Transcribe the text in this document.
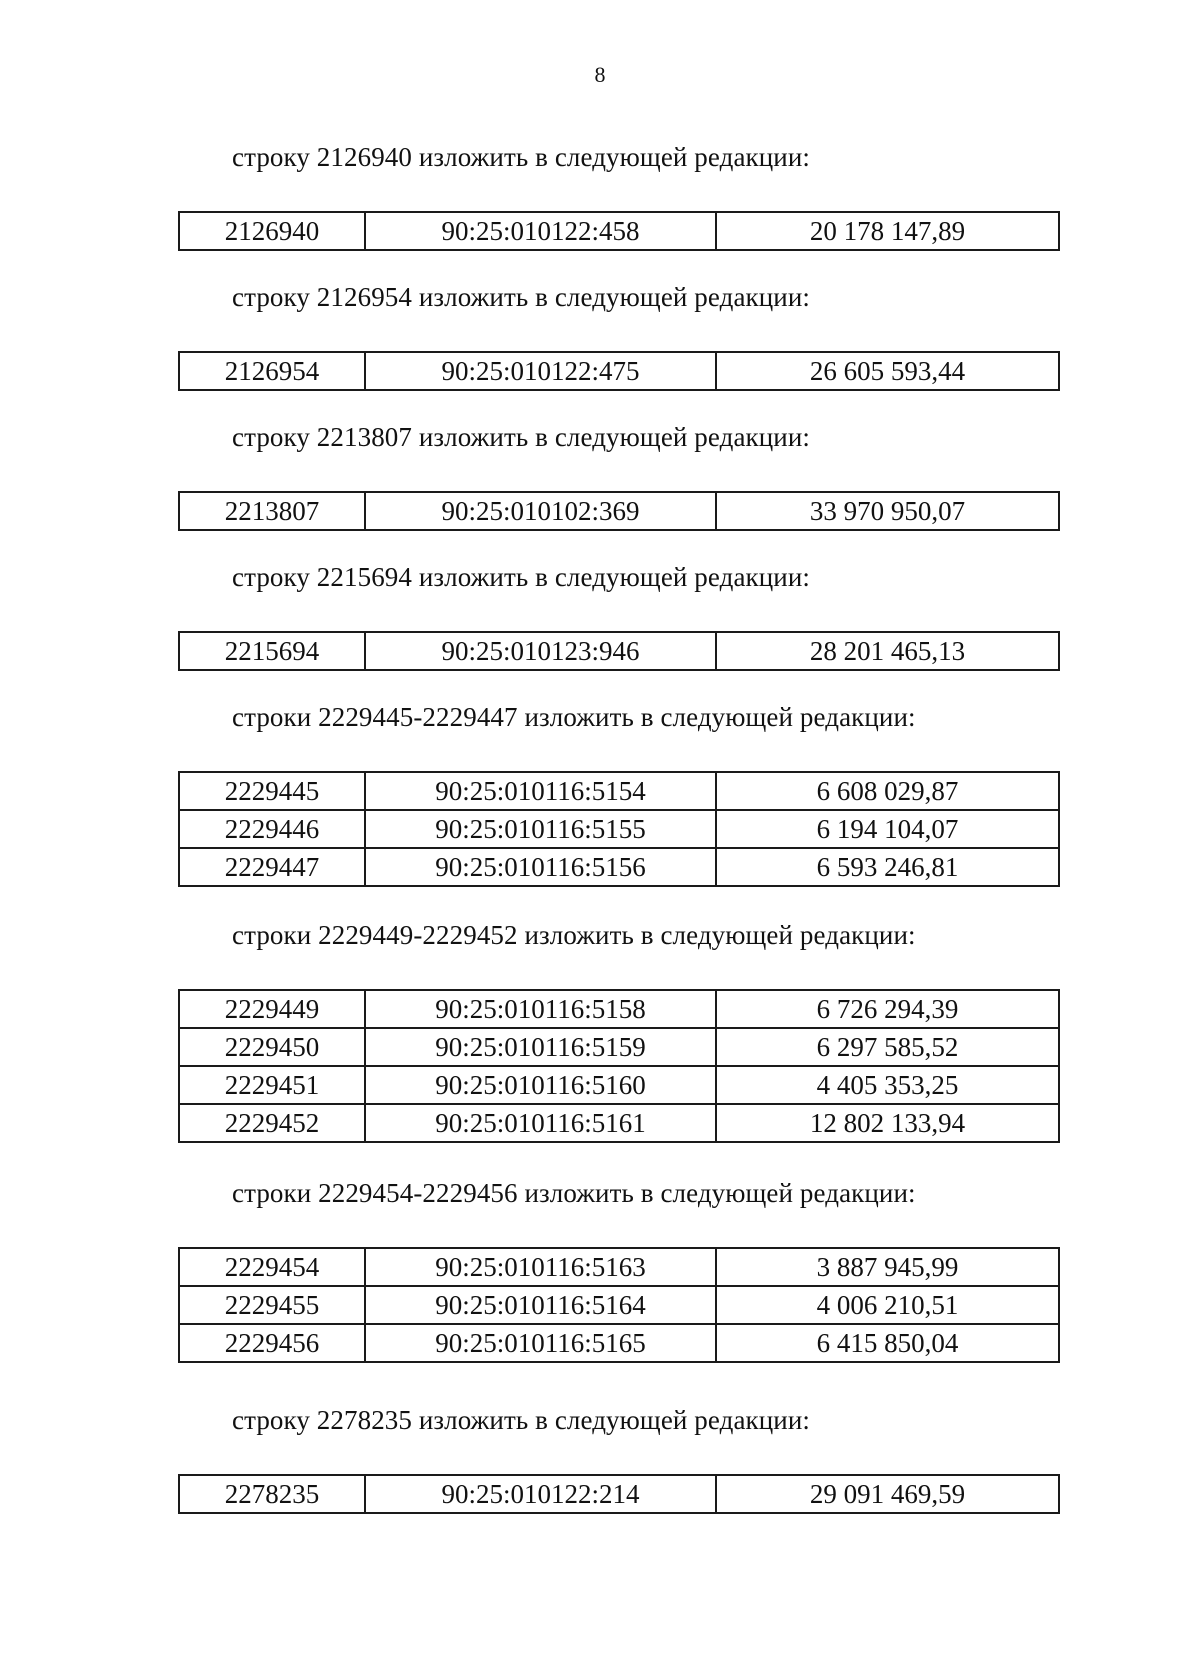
8
строку 2126940 изложить в следующей редакции:
2126940	90:25:010122:458	20 178 147,89
строку 2126954 изложить в следующей редакции:
2126954	90:25:010122:475	26 605 593,44
строку 2213807 изложить в следующей редакции:
2213807	90:25:010102:369	33 970 950,07
строку 2215694 изложить в следующей редакции:
2215694	90:25:010123:946	28 201 465,13
строки 2229445-2229447 изложить в следующей редакции:
2229445	90:25:010116:5154	6 608 029,87
2229446	90:25:010116:5155	6 194 104,07
2229447	90:25:010116:5156	6 593 246,81
строки 2229449-2229452 изложить в следующей редакции:
2229449	90:25:010116:5158	6 726 294,39
2229450	90:25:010116:5159	6 297 585,52
2229451	90:25:010116:5160	4 405 353,25
2229452	90:25:010116:5161	12 802 133,94
строки 2229454-2229456 изложить в следующей редакции:
2229454	90:25:010116:5163	3 887 945,99
2229455	90:25:010116:5164	4 006 210,51
2229456	90:25:010116:5165	6 415 850,04
строку 2278235 изложить в следующей редакции:
2278235	90:25:010122:214	29 091 469,59
